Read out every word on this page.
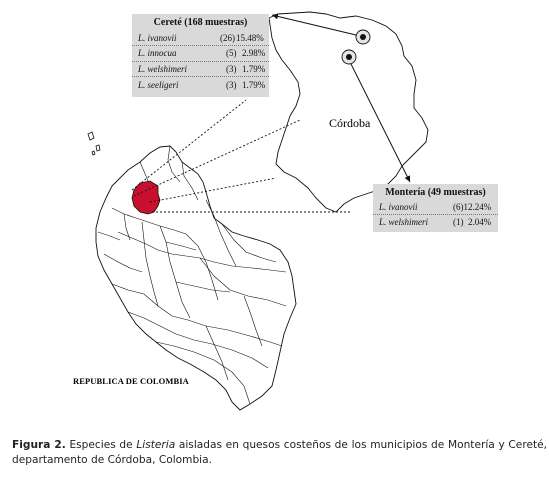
Córdoba
REPUBLICA DE COLOMBIA
Cereté (168 muestras)
L. ivanovii	(26) 15.48%
L. innocua	(5) 2.98%
L. welshimeri	(3) 1.79%
L. seeligeri	(3) 1.79%
Montería (49 muestras)
L. ivanovii	(6)12.24%
L. welshimeri	(1)  2.04%
Figura 2. Especies de Listeria aisladas en quesos costeños de los municipios de Montería y Cereté, departamento de Córdoba, Colombia.
